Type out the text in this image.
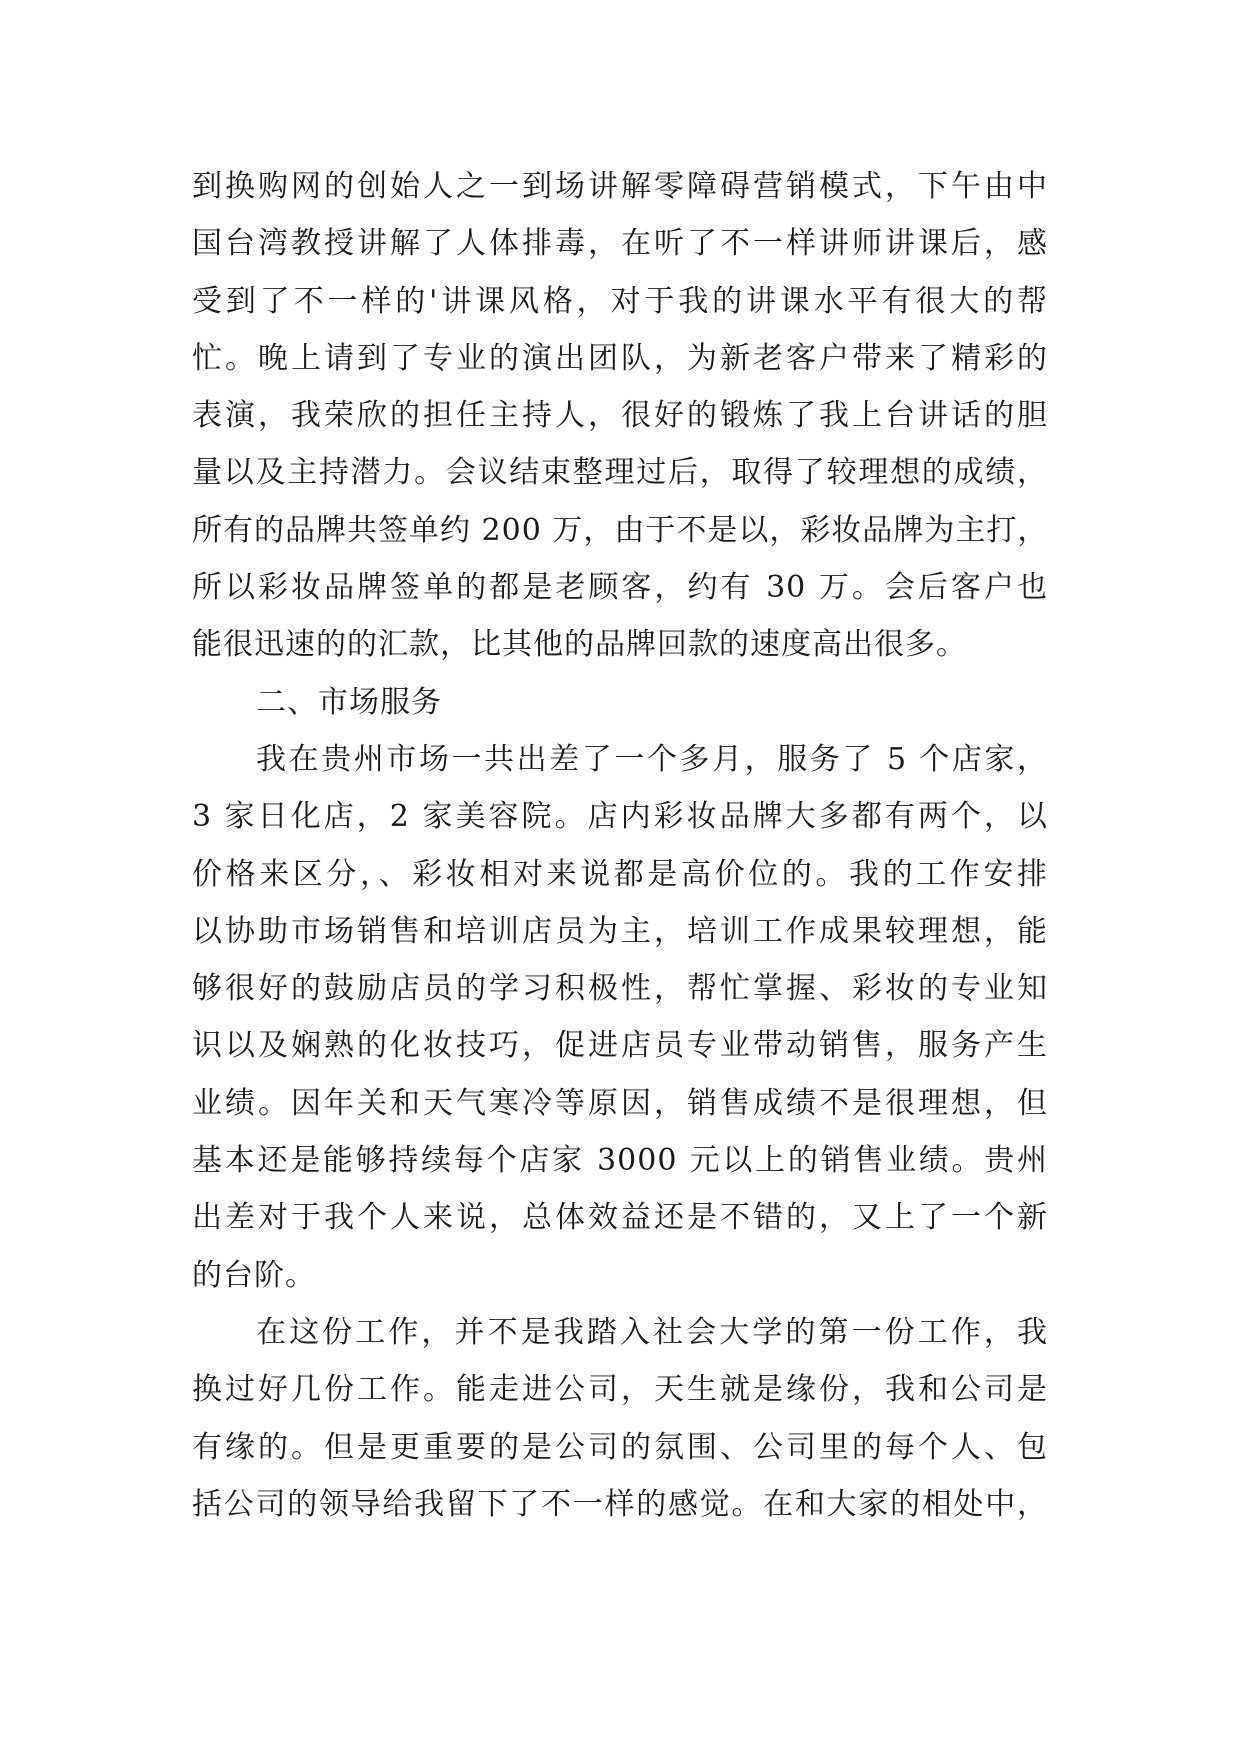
到换购网的创始人之一到场讲解零障碍营销模式，下午由中
国台湾教授讲解了人体排毒，在听了不一样讲师讲课后，感
受到了不一样的'讲课风格，对于我的讲课水平有很大的帮
忙。晚上请到了专业的演出团队，为新老客户带来了精彩的
表演，我荣欣的担任主持人，很好的锻炼了我上台讲话的胆
量以及主持潜力。会议结束整理过后，取得了较理想的成绩，
所有的品牌共签单约 200 万，由于不是以，彩妆品牌为主打，
所以彩妆品牌签单的都是老顾客，约有 30 万。会后客户也
能很迅速的的汇款，比其他的品牌回款的速度高出很多。
二、市场服务
我在贵州市场一共出差了一个多月，服务了 5 个店家，
3 家日化店，2 家美容院。店内彩妆品牌大多都有两个，以
价格来区分，、彩妆相对来说都是高价位的。我的工作安排
以协助市场销售和培训店员为主，培训工作成果较理想，能
够很好的鼓励店员的学习积极性，帮忙掌握、彩妆的专业知
识以及娴熟的化妆技巧，促进店员专业带动销售，服务产生
业绩。因年关和天气寒冷等原因，销售成绩不是很理想，但
基本还是能够持续每个店家 3000 元以上的销售业绩。贵州
出差对于我个人来说，总体效益还是不错的，又上了一个新
的台阶。
在这份工作，并不是我踏入社会大学的第一份工作，我
换过好几份工作。能走进公司，天生就是缘份，我和公司是
有缘的。但是更重要的是公司的氛围、公司里的每个人、包
括公司的领导给我留下了不一样的感觉。在和大家的相处中，
